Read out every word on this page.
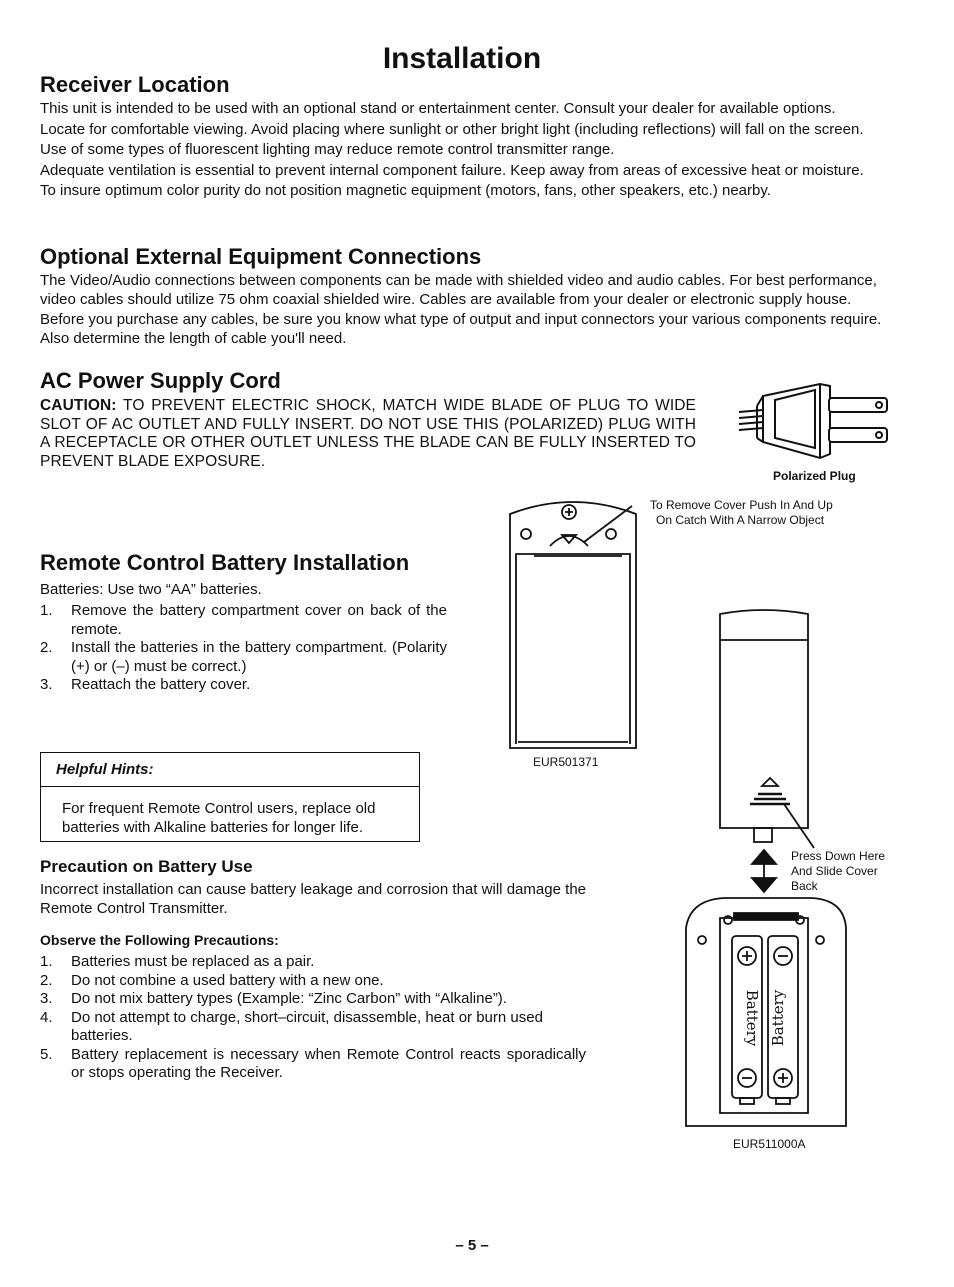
Installation
Receiver Location
This unit is intended to be used with an optional stand or entertainment center. Consult your dealer for available options.
Locate for comfortable viewing. Avoid placing where sunlight or other bright light (including reflections) will fall on the screen.
Use of some types of fluorescent lighting may reduce remote control transmitter range.
Adequate ventilation is essential to prevent internal component failure. Keep away from areas of excessive heat or moisture.
To insure optimum color purity do not position magnetic equipment (motors, fans, other speakers, etc.) nearby.
Optional External Equipment Connections
The Video/Audio connections between components can be made with shielded video and audio cables. For best performance, video cables should utilize 75 ohm coaxial shielded wire. Cables are available from your dealer or electronic supply house.
Before you purchase any cables, be sure you know what type of output and input connectors your various components require. Also determine the length of cable you'll need.
AC Power Supply Cord
CAUTION: TO PREVENT ELECTRIC SHOCK, MATCH WIDE BLADE OF PLUG TO WIDE SLOT OF AC OUTLET AND FULLY INSERT. DO NOT USE THIS (POLARIZED) PLUG WITH A RECEPTACLE OR OTHER OUTLET UNLESS THE BLADE CAN BE FULLY INSERTED TO PREVENT BLADE EXPOSURE.
Polarized Plug
Remote Control Battery Installation
Batteries: Use two “AA” batteries.
1.	Remove the battery compartment cover on back of the remote.
2.	Install the batteries in the battery compartment. (Polarity (+) or (–) must be correct.)
3.	Reattach the battery cover.
To Remove Cover Push In And Up
On Catch With A Narrow Object
EUR501371
Helpful Hints:
For frequent Remote Control users, replace old batteries with Alkaline batteries for longer life.
Precaution on Battery Use
Incorrect installation can cause battery leakage and corrosion that will damage the Remote Control Transmitter.
Observe the Following Precautions:
1.	Batteries must be replaced as a pair.
2.	Do not combine a used battery with a new one.
3.	Do not mix battery types (Example: “Zinc Carbon” with “Alkaline”).
4.	Do not attempt to charge, short–circuit, disassemble, heat or burn used batteries.
5.	Battery replacement is necessary when Remote Control reacts sporadically or stops operating the Receiver.
Battery Battery
Press Down Here
And Slide Cover
Back
EUR511000A
– 5 –
